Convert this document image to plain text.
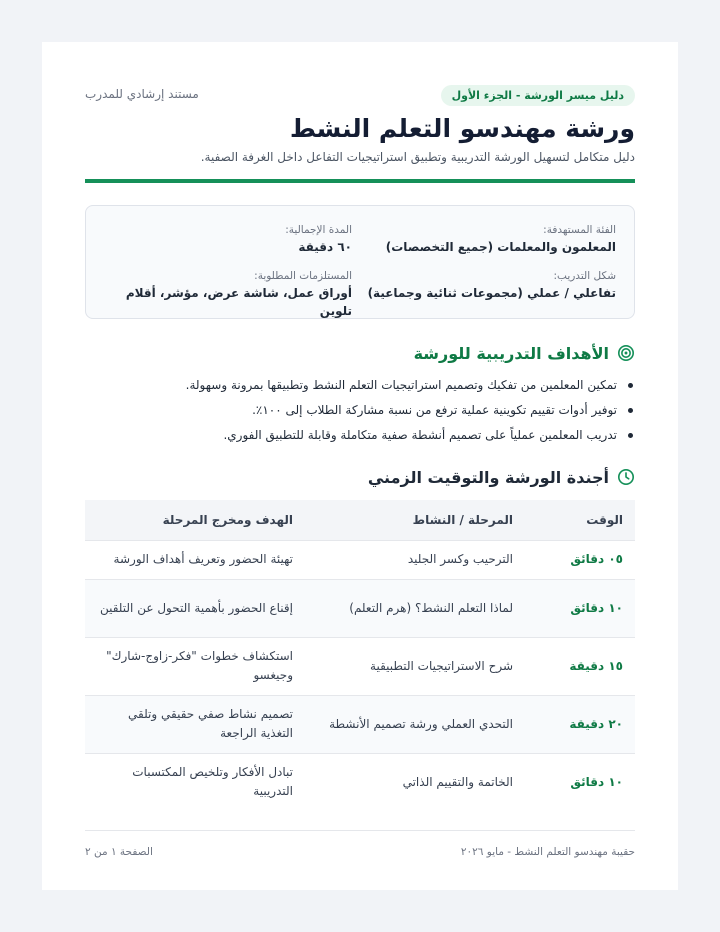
دليل ميسر الورشة - الجزء الأول
مستند إرشادي للمدرب
ورشة مهندسو التعلم النشط

دليل متكامل لتسهيل الورشة التدريبية وتطبيق استراتيجيات التفاعل داخل الغرفة الصفية.

الفئة المستهدفة:
المعلمون والمعلمات (جميع التخصصات)
المدة الإجمالية:
٦٠ دقيقة
شكل التدريب:
تفاعلي / عملي (مجموعات ثنائية وجماعية)
المستلزمات المطلوبة:
أوراق عمل، شاشة عرض، مؤشر، أقلام تلوين
الأهداف التدريبية للورشة
تمكين المعلمين من تفكيك وتصميم استراتيجيات التعلم النشط وتطبيقها بمرونة وسهولة.
توفير أدوات تقييم تكوينية عملية ترفع من نسبة مشاركة الطلاب إلى ١٠٠٪.
تدريب المعلمين عملياً على تصميم أنشطة صفية متكاملة وقابلة للتطبيق الفوري.
أجندة الورشة والتوقيت الزمني
الوقت	المرحلة / النشاط	الهدف ومخرج المرحلة
٠٥ دقائق	الترحيب وكسر الجليد	تهيئة الحضور وتعريف أهداف الورشة
١٠ دقائق	لماذا التعلم النشط؟ (هرم التعلم)	إقناع الحضور بأهمية التحول عن التلقين
١٥ دقيقة	شرح الاستراتيجيات التطبيقية	استكشاف خطوات "فكر-زاوج-شارك" وجيغسو
٢٠ دقيقة	التحدي العملي ورشة تصميم الأنشطة	تصميم نشاط صفي حقيقي وتلقي التغذية الراجعة
١٠ دقائق	الخاتمة والتقييم الذاتي	تبادل الأفكار وتلخيص المكتسبات التدريبية
حقيبة مهندسو التعلم النشط - مايو ٢٠٢٦
الصفحة ١ من ٢
